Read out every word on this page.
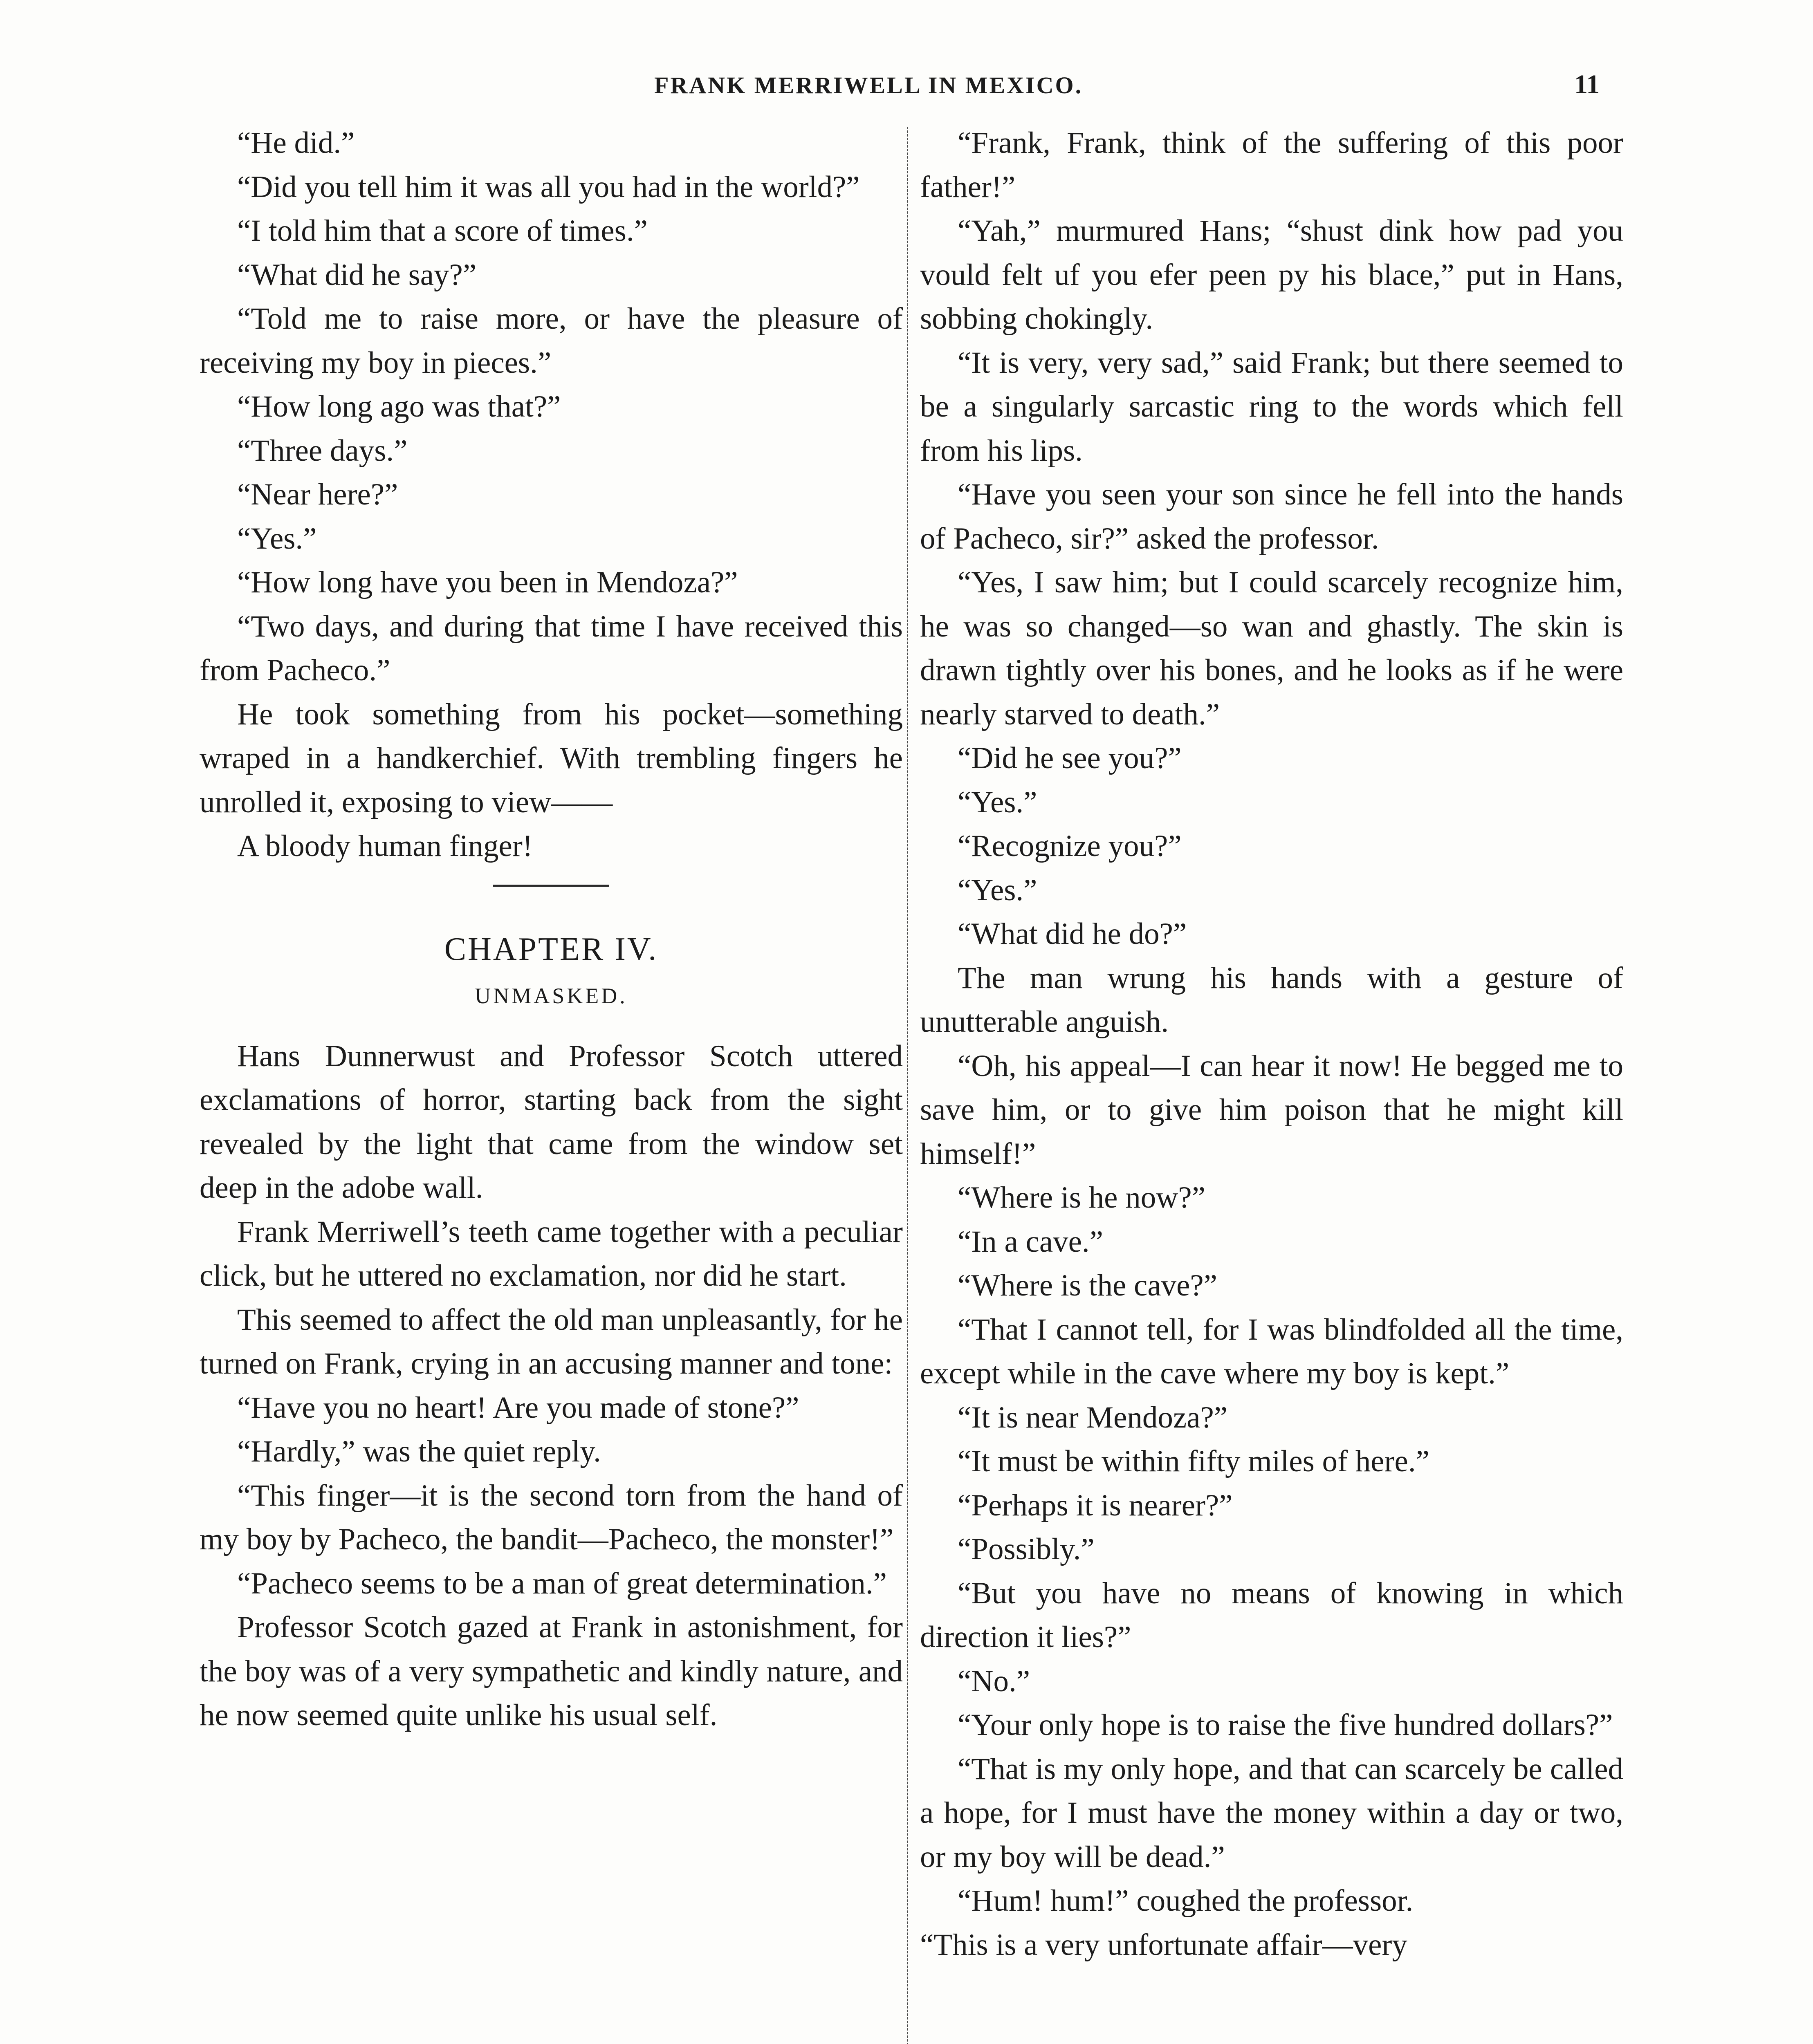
FRANK MERRIWELL IN MEXICO.	11

“He did.”

“Did you tell him it was all you had in the world?”

“I told him that a score of times.”

“What did he say?”

“Told me to raise more, or have the pleasure of receiving my boy in pieces.”

“How long ago was that?”

“Three days.”

“Near here?”

“Yes.”

“How long have you been in Mendoza?”

“Two days, and during that time I have received this from Pacheco.”

He took something from his pocket—something wraped in a handkerchief. With trembling fingers he unrolled it, exposing to view——

A bloody human finger!

CHAPTER IV.
UNMASKED.

Hans Dunnerwust and Professor Scotch uttered exclamations of horror, starting back from the sight revealed by the light that came from the window set deep in the adobe wall.

Frank Merriwell’s teeth came together with a peculiar click, but he uttered no exclamation, nor did he start.

This seemed to affect the old man unpleasantly, for he turned on Frank, crying in an accusing manner and tone:

“Have you no heart! Are you made of stone?”

“Hardly,” was the quiet reply.

“This finger—it is the second torn from the hand of my boy by Pacheco, the bandit—Pacheco, the monster!”

“Pacheco seems to be a man of great determination.”

Professor Scotch gazed at Frank in astonishment, for the boy was of a very sympathetic and kindly nature, and he now seemed quite unlike his usual self.

“Frank, Frank, think of the suffering of this poor father!”

“Yah,” murmured Hans; “shust dink how pad you vould felt uf you efer peen py his blace,” put in Hans, sobbing chokingly.

“It is very, very sad,” said Frank; but there seemed to be a singularly sarcastic ring to the words which fell from his lips.

“Have you seen your son since he fell into the hands of Pacheco, sir?” asked the professor.

“Yes, I saw him; but I could scarcely recognize him, he was so changed—so wan and ghastly. The skin is drawn tightly over his bones, and he looks as if he were nearly starved to death.”

“Did he see you?”

“Yes.”

“Recognize you?”

“Yes.”

“What did he do?”

The man wrung his hands with a gesture of unutterable anguish.

“Oh, his appeal—I can hear it now! He begged me to save him, or to give him poison that he might kill himself!”

“Where is he now?”

“In a cave.”

“Where is the cave?”

“That I cannot tell, for I was blindfolded all the time, except while in the cave where my boy is kept.”

“It is near Mendoza?”

“It must be within fifty miles of here.”

“Perhaps it is nearer?”

“Possibly.”

“But you have no means of knowing in which direction it lies?”

“No.”

“Your only hope is to raise the five hundred dollars?”

“That is my only hope, and that can scarcely be called a hope, for I must have the money within a day or two, or my boy will be dead.”

“Hum! hum!” coughed the professor.

“This is a very unfortunate affair—very
